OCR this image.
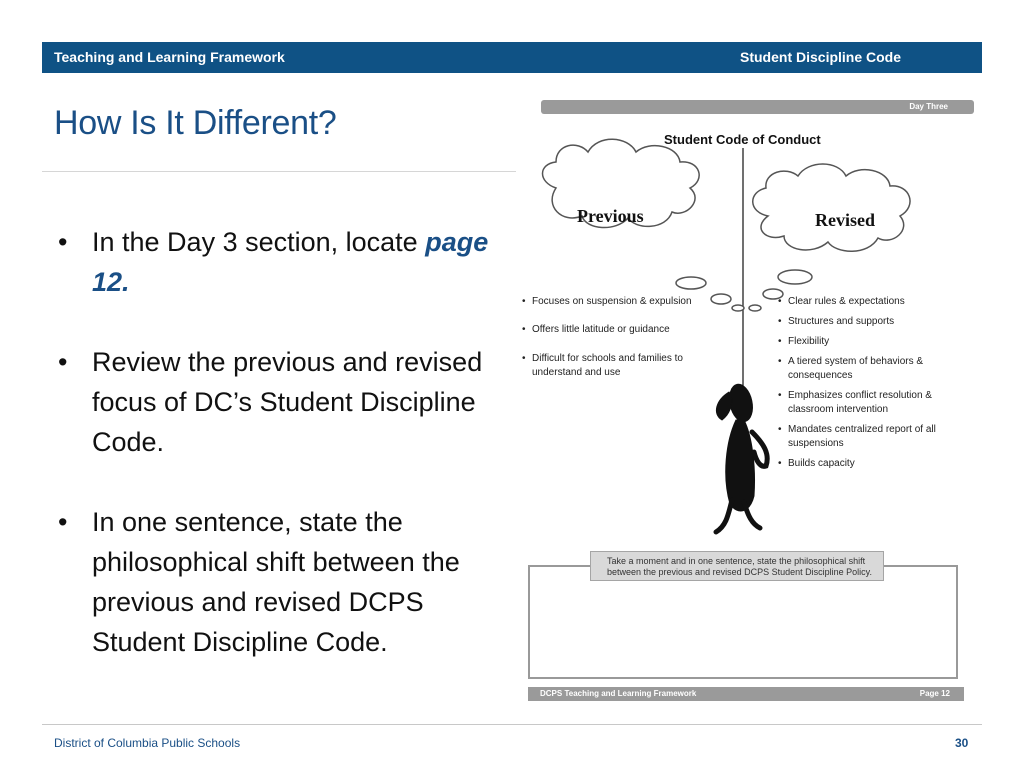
Teaching and Learning Framework	Student Discipline Code
How Is It Different?
• In the Day 3 section, locate page 12.
• Review the previous and revised focus of DC’s Student Discipline Code.
• In one sentence, state the philosophical shift between the previous and revised DCPS Student Discipline Code.
Day Three
Student Code of Conduct
Previous	Revised
• Focuses on suspension & expulsion
• Offers little latitude or guidance
• Difficult for schools and families to understand and use
• Clear rules & expectations
• Structures and supports
• Flexibility
• A tiered system of behaviors & consequences
• Emphasizes conflict resolution & classroom intervention
• Mandates centralized report of all suspensions
• Builds capacity
Take a moment and in one sentence, state the philosophical shift
between the previous and revised DCPS Student Discipline Policy.
DCPS Teaching and Learning Framework	Page 12
District of Columbia Public Schools	30
